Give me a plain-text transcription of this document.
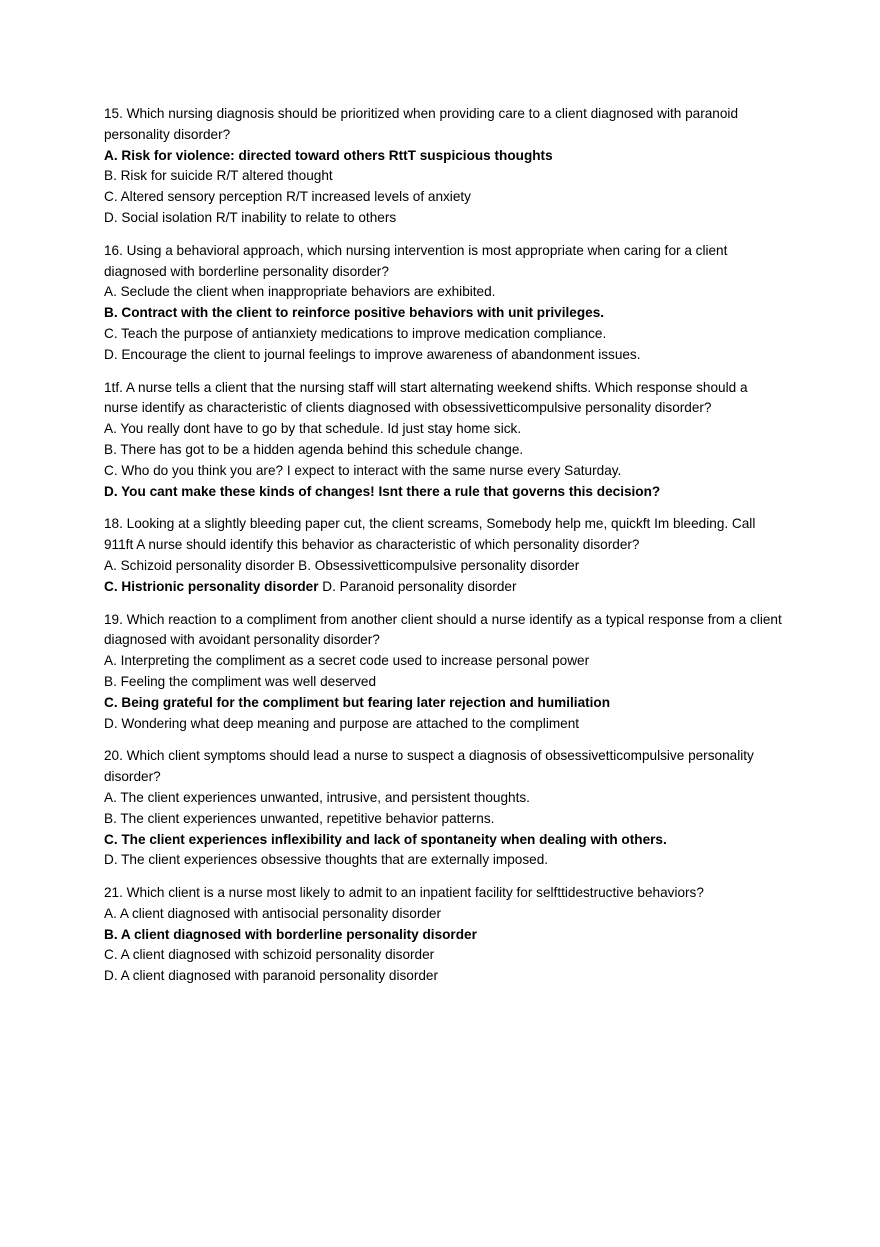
15. Which nursing diagnosis should be prioritized when providing care to a client diagnosed with paranoid personality disorder?

A. Risk for violence: directed toward others RttT suspicious thoughts

B. Risk for suicide R/T altered thought

C. Altered sensory perception R/T increased levels of anxiety

D. Social isolation R/T inability to relate to others

16. Using a behavioral approach, which nursing intervention is most appropriate when caring for a client diagnosed with borderline personality disorder?

A. Seclude the client when inappropriate behaviors are exhibited.

B. Contract with the client to reinforce positive behaviors with unit privileges.

C. Teach the purpose of antianxiety medications to improve medication compliance.

D. Encourage the client to journal feelings to improve awareness of abandonment issues.

1tf. A nurse tells a client that the nursing staff will start alternating weekend shifts. Which response should a nurse identify as characteristic of clients diagnosed with obsessivetticompulsive personality disorder?

A. You really dont have to go by that schedule. Id just stay home sick.

B. There has got to be a hidden agenda behind this schedule change.

C. Who do you think you are? I expect to interact with the same nurse every Saturday.

D. You cant make these kinds of changes! Isnt there a rule that governs this decision?

18. Looking at a slightly bleeding paper cut, the client screams, Somebody help me, quickft Im bleeding. Call 911ft A nurse should identify this behavior as characteristic of which personality disorder?

A. Schizoid personality disorder B. Obsessivetticompulsive personality disorder

C. Histrionic personality disorder D. Paranoid personality disorder

19. Which reaction to a compliment from another client should a nurse identify as a typical response from a client diagnosed with avoidant personality disorder?

A. Interpreting the compliment as a secret code used to increase personal power

B. Feeling the compliment was well deserved

C. Being grateful for the compliment but fearing later rejection and humiliation

D. Wondering what deep meaning and purpose are attached to the compliment

20. Which client symptoms should lead a nurse to suspect a diagnosis of obsessivetticompulsive personality disorder?

A. The client experiences unwanted, intrusive, and persistent thoughts.

B. The client experiences unwanted, repetitive behavior patterns.

C. The client experiences inflexibility and lack of spontaneity when dealing with others.

D. The client experiences obsessive thoughts that are externally imposed.

21. Which client is a nurse most likely to admit to an inpatient facility for selfttidestructive behaviors?

A. A client diagnosed with antisocial personality disorder

B. A client diagnosed with borderline personality disorder

C. A client diagnosed with schizoid personality disorder

D. A client diagnosed with paranoid personality disorder
